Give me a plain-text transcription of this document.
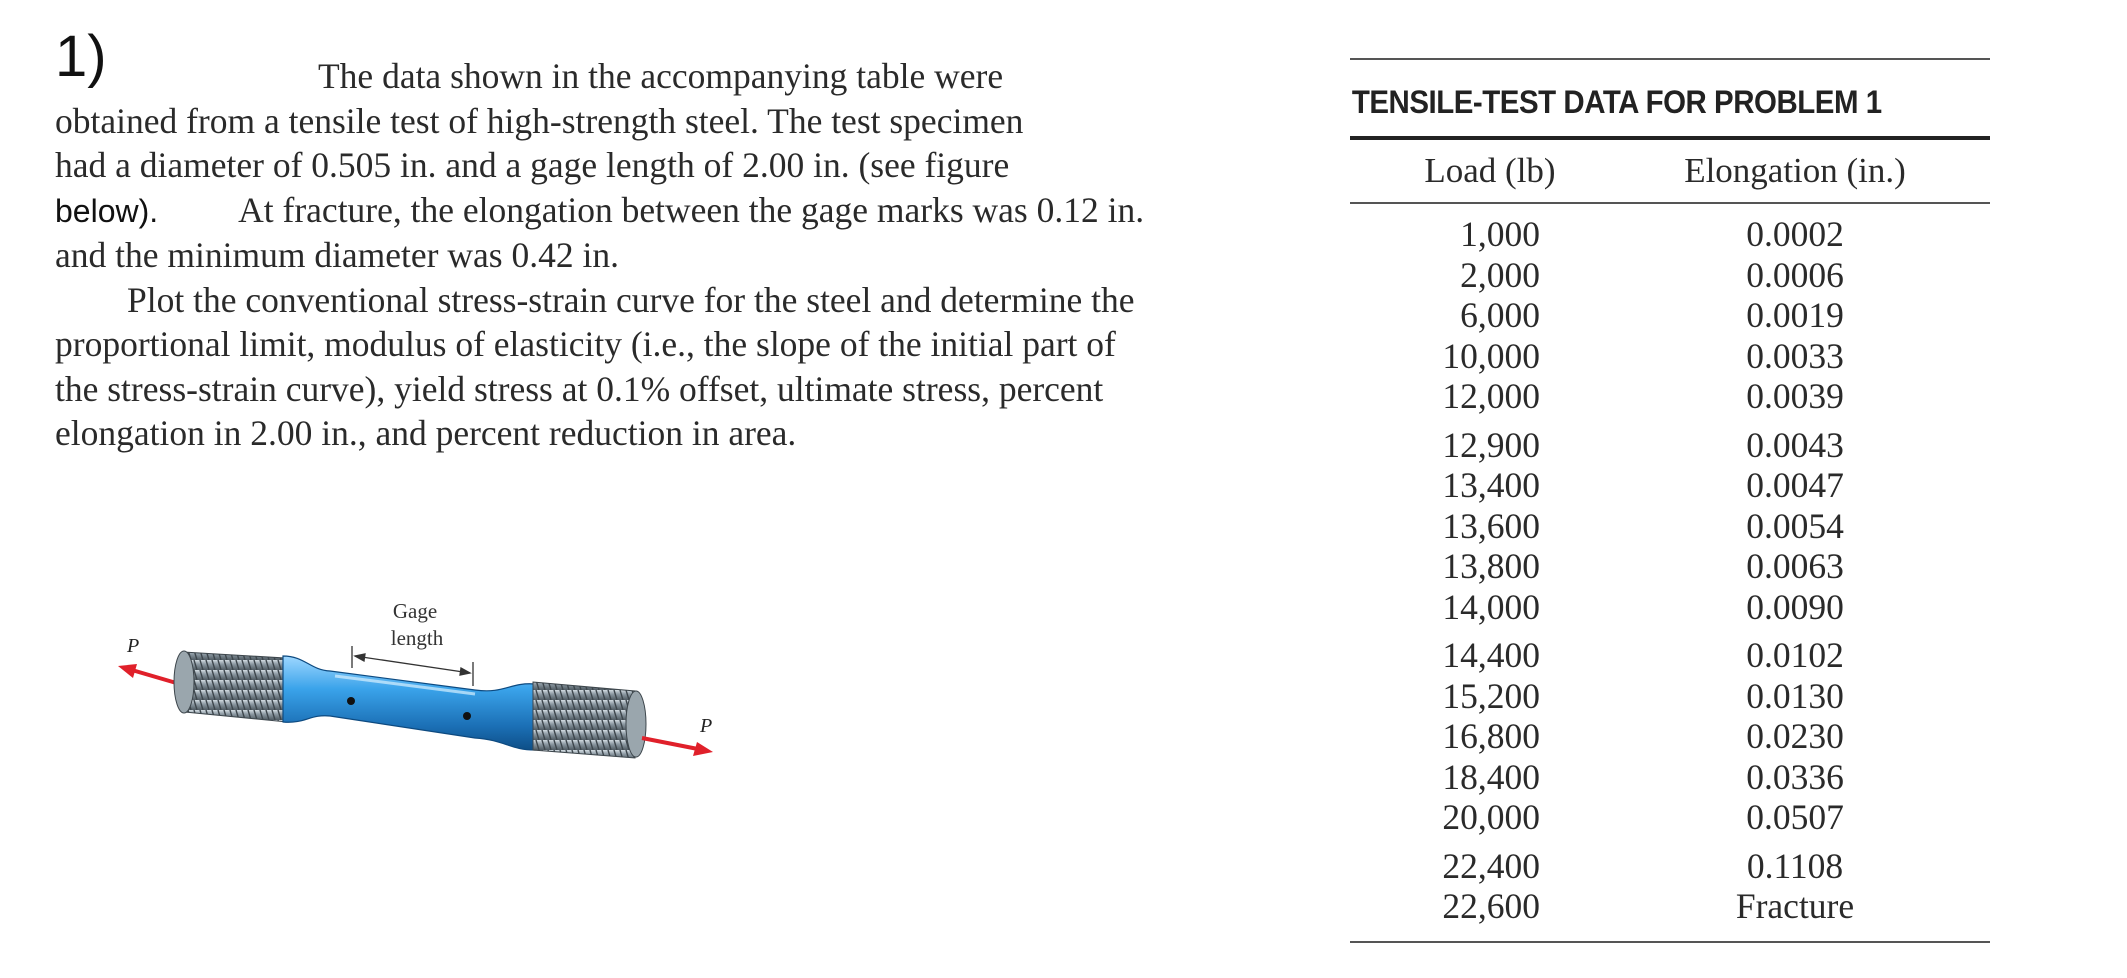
1)	The data shown in the accompanying table were
obtained from a tensile test of high-strength steel. The test specimen
had a diameter of 0.505 in. and a gage length of 2.00 in. (see figure
below). At fracture, the elongation between the gage marks was 0.12 in.
and the minimum diameter was 0.42 in.
Plot the conventional stress-strain curve for the steel and determine the
proportional limit, modulus of elasticity (i.e., the slope of the initial part of
the stress-strain curve), yield stress at 0.1% offset, ultimate stress, percent
elongation in 2.00 in., and percent reduction in area.
P
Gage
length
P
TENSILE-TEST DATA FOR PROBLEM 1
Load (lb)	Elongation (in.)
1,000	0.0002
2,000	0.0006
6,000	0.0019
10,000	0.0033
12,000	0.0039
12,900	0.0043
13,400	0.0047
13,600	0.0054
13,800	0.0063
14,000	0.0090
14,400	0.0102
15,200	0.0130
16,800	0.0230
18,400	0.0336
20,000	0.0507
22,400	0.1108
22,600	Fracture
